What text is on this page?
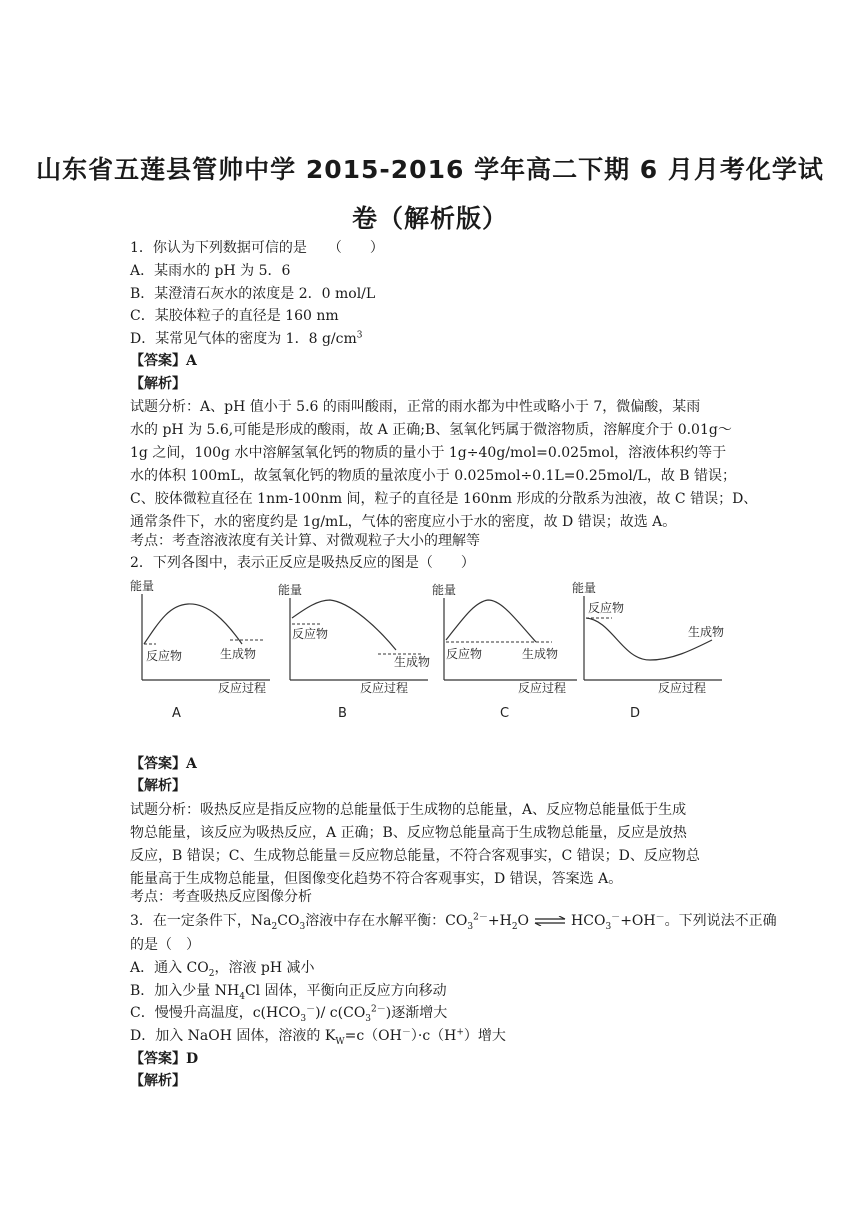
山东省五莲县管帅中学 2015-2016 学年高二下期 6 月月考化学试
卷（解析版）
1．你认为下列数据可信的是　　（　　）
A．某雨水的 pH 为 5．6
B．某澄清石灰水的浓度是 2．0 mol/L
C．某胶体粒子的直径是 160 nm
D．某常见气体的密度为 1．8 $g/cm^3$
【答案】A
【解析】
试题分析：A、pH 值小于 5.6 的雨叫酸雨，正常的雨水都为中性或略小于 7，微偏酸，某雨
水的 pH 为 5.6,可能是形成的酸雨，故 A 正确;B、氢氧化钙属于微溶物质，溶解度介于 0.01g～
1g 之间，100g 水中溶解氢氧化钙的物质的量小于 1g÷40g/mol=0.025mol，溶液体积约等于
水的体积 100mL，故氢氧化钙的物质的量浓度小于 0.025mol÷0.1L=0.25mol/L，故 B 错误；
C、胶体微粒直径在 1nm-100nm 间，粒子的直径是 160nm 形成的分散系为浊液，故 C 错误；D、
通常条件下，水的密度约是 1g/mL，气体的密度应小于水的密度，故 D 错误；故选 A。
考点：考查溶液浓度有关计算、对微观粒子大小的理解等
2．下列各图中，表示正反应是吸热反应的图是（　　）
能量
反应物	生成物
反应过程
A
能量
反应物
生成物
反应过程
B
能量
反应物	生成物
反应过程
C
能量
反应物
生成物
反应过程
D
【答案】A
【解析】
试题分析：吸热反应是指反应物的总能量低于生成物的总能量，A、反应物总能量低于生成
物总能量，该反应为吸热反应，A 正确；B、反应物总能量高于生成物总能量，反应是放热
反应，B 错误；C、生成物总能量＝反应物总能量，不符合客观事实，C 错误；D、反应物总
能量高于生成物总能量，但图像变化趋势不符合客观事实，D 错误，答案选 A。
考点：考查吸热反应图像分析
3．在一定条件下，$Na_2CO_3$溶液中存在水解平衡：$CO_3^{2-}+H_2O$ ⇌ $HCO_3^-+OH^-$。下列说法不正确
的是（　）
A．通入 $CO_2$，溶液 pH 减小
B．加入少量 $NH_4Cl$ 固体，平衡向正反应方向移动
C．慢慢升高温度，$c(HCO_3^-)/$ $c(CO_3^{2-})$逐渐增大
D．加入 NaOH 固体，溶液的 $K_W=c(OH^-)\cdot c(H^+)$增大
【答案】D
【解析】
